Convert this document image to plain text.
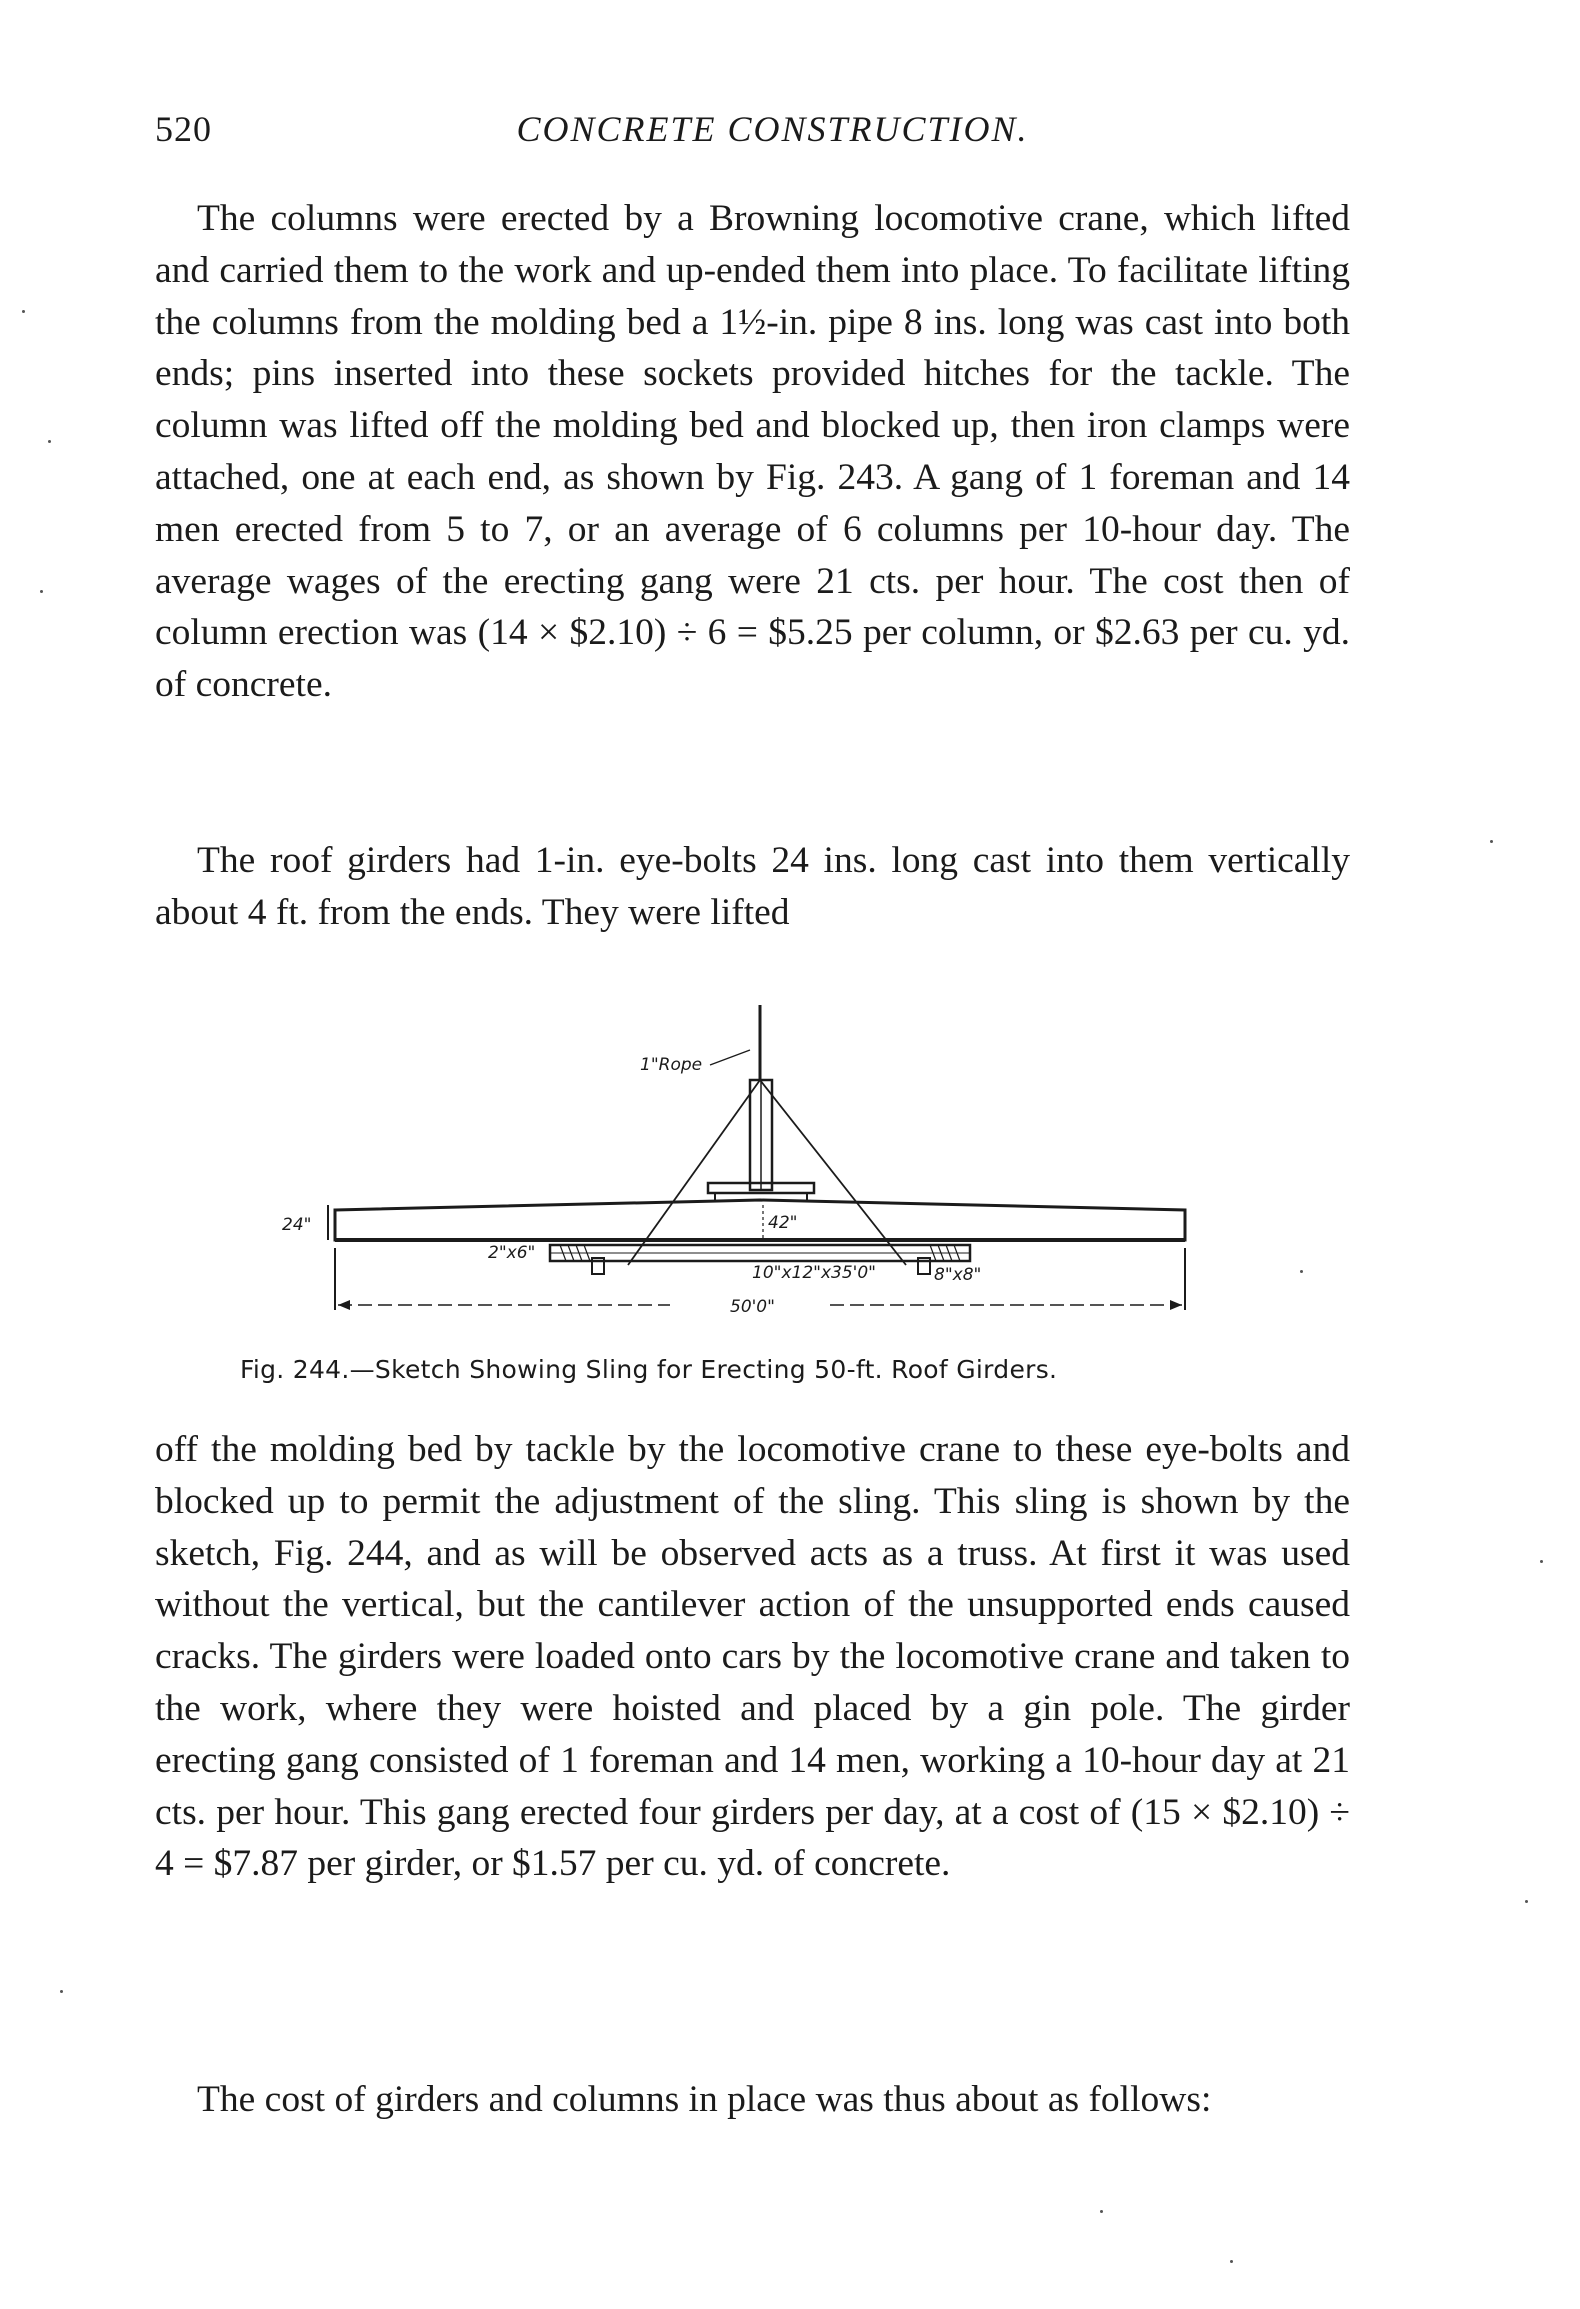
520	CONCRETE CONSTRUCTION.

The columns were erected by a Browning locomotive crane, which lifted and carried them to the work and up-ended them into place. To facilitate lifting the columns from the molding bed a 1½-in. pipe 8 ins. long was cast into both ends; pins inserted into these sockets provided hitches for the tackle. The column was lifted off the molding bed and blocked up, then iron clamps were attached, one at each end, as shown by Fig. 243. A gang of 1 foreman and 14 men erected from 5 to 7, or an average of 6 columns per 10-hour day. The average wages of the erecting gang were 21 cts. per hour. The cost then of column erection was (14 × $2.10) ÷ 6 = $5.25 per column, or $2.63 per cu. yd. of concrete.

The roof girders had 1-in. eye-bolts 24 ins. long cast into them vertically about 4 ft. from the ends. They were lifted

24"	42"
1"Rope
2"x6"
10"x12"x35'0"	8"x8"
50'0"
Fig. 244.—Sketch Showing Sling for Erecting 50-ft. Roof Girders.

off the molding bed by tackle by the locomotive crane to these eye-bolts and blocked up to permit the adjustment of the sling. This sling is shown by the sketch, Fig. 244, and as will be observed acts as a truss. At first it was used without the vertical, but the cantilever action of the unsupported ends caused cracks. The girders were loaded onto cars by the locomotive crane and taken to the work, where they were hoisted and placed by a gin pole. The girder erecting gang consisted of 1 foreman and 14 men, working a 10-hour day at 21 cts. per hour. This gang erected four girders per day, at a cost of (15 × $2.10) ÷ 4 = $7.87 per girder, or $1.57 per cu. yd. of concrete.

The cost of girders and columns in place was thus about as follows:
